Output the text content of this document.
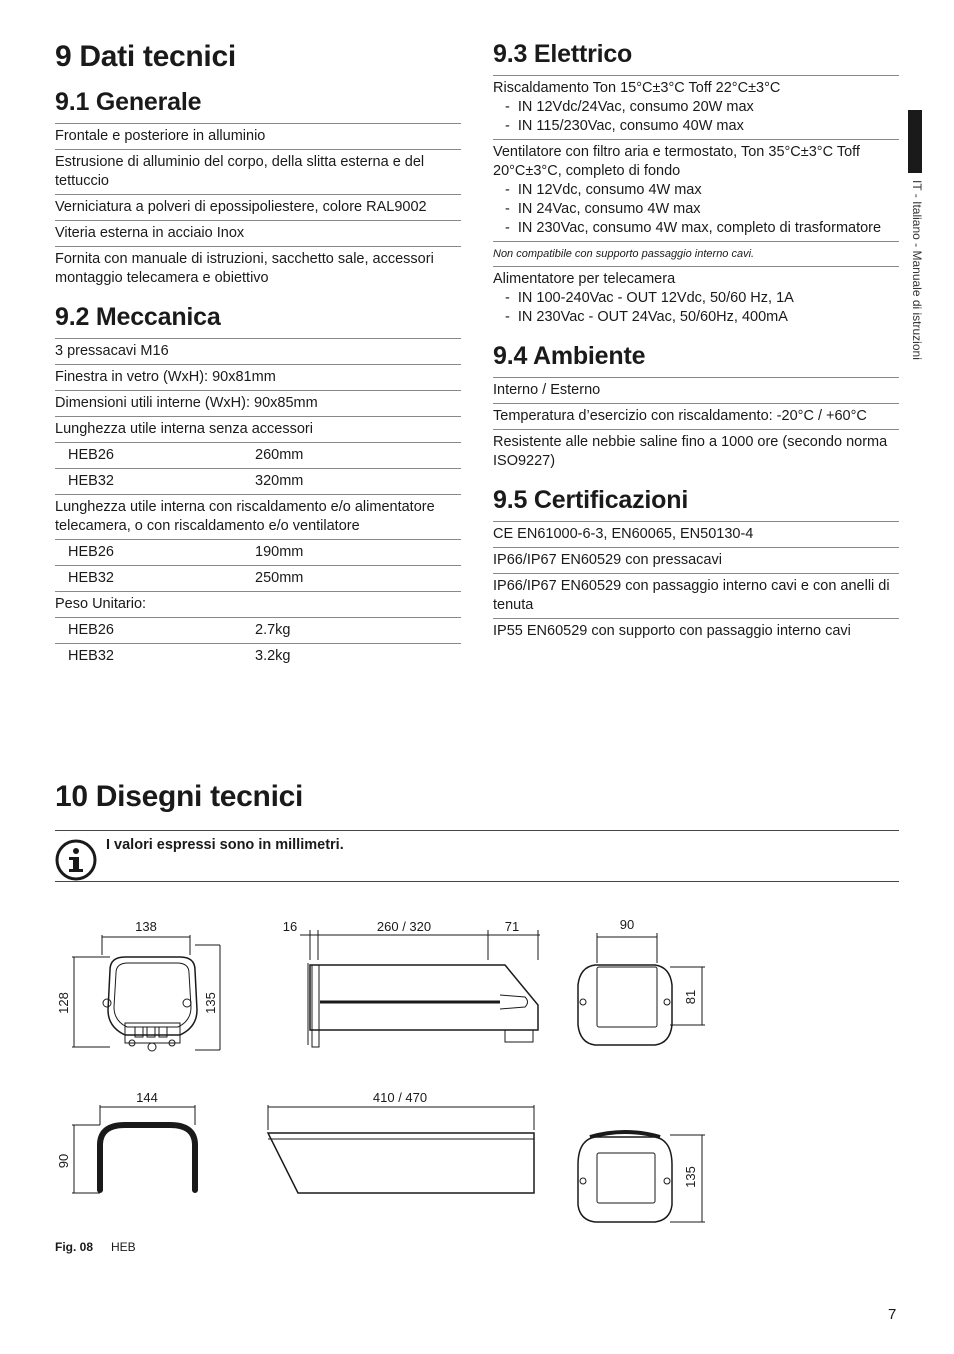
9 Dati tecnici
9.1 Generale
Frontale e posteriore in alluminio
Estrusione di alluminio del corpo, della slitta esterna e del tettuccio
Verniciatura a polveri di epossipoliestere, colore RAL9002
Viteria esterna in acciaio Inox
Fornita con manuale di istruzioni, sacchetto sale, accessori montaggio telecamera e obiettivo
9.2 Meccanica
3 pressacavi M16
Finestra in vetro (WxH): 90x81mm
Dimensioni utili interne (WxH): 90x85mm
Lunghezza utile interna senza accessori
HEB26	260mm
HEB32	320mm
Lunghezza utile interna con riscaldamento e/o alimentatore telecamera, o con riscaldamento e/o ventilatore
HEB26	190mm
HEB32	250mm
Peso Unitario:
HEB26	2.7kg
HEB32	3.2kg
9.3 Elettrico
Riscaldamento Ton 15°C±3°C Toff 22°C±3°C
-  IN 12Vdc/24Vac, consumo 20W max
-  IN 115/230Vac, consumo 40W max
Ventilatore con filtro aria e termostato, Ton 35°C±3°C Toff 20°C±3°C, completo di fondo
-  IN 12Vdc, consumo 4W max
-  IN 24Vac, consumo 4W max
-  IN 230Vac, consumo 4W max, completo di trasformatore
Non compatibile con supporto passaggio interno cavi.
Alimentatore per telecamera
-  IN 100-240Vac - OUT 12Vdc, 50/60 Hz, 1A
-  IN 230Vac - OUT 24Vac, 50/60Hz, 400mA
9.4 Ambiente
Interno / Esterno
Temperatura d’esercizio con riscaldamento: -20°C / +60°C
Resistente alle nebbie saline fino a 1000 ore (secondo norma ISO9227)
9.5 Certificazioni
CE EN61000-6-3, EN60065, EN50130-4
IP66/IP67 EN60529 con pressacavi
IP66/IP67 EN60529 con passaggio interno cavi e con anelli di tenuta
IP55 EN60529 con supporto con passaggio interno cavi
IT - Italiano - Manuale di istruzioni
10 Disegni tecnici
I valori espressi sono in millimetri.
138
128	135
16	260 / 320	71	90
81
144
90
410 / 470
135
Fig. 08 HEB
7
